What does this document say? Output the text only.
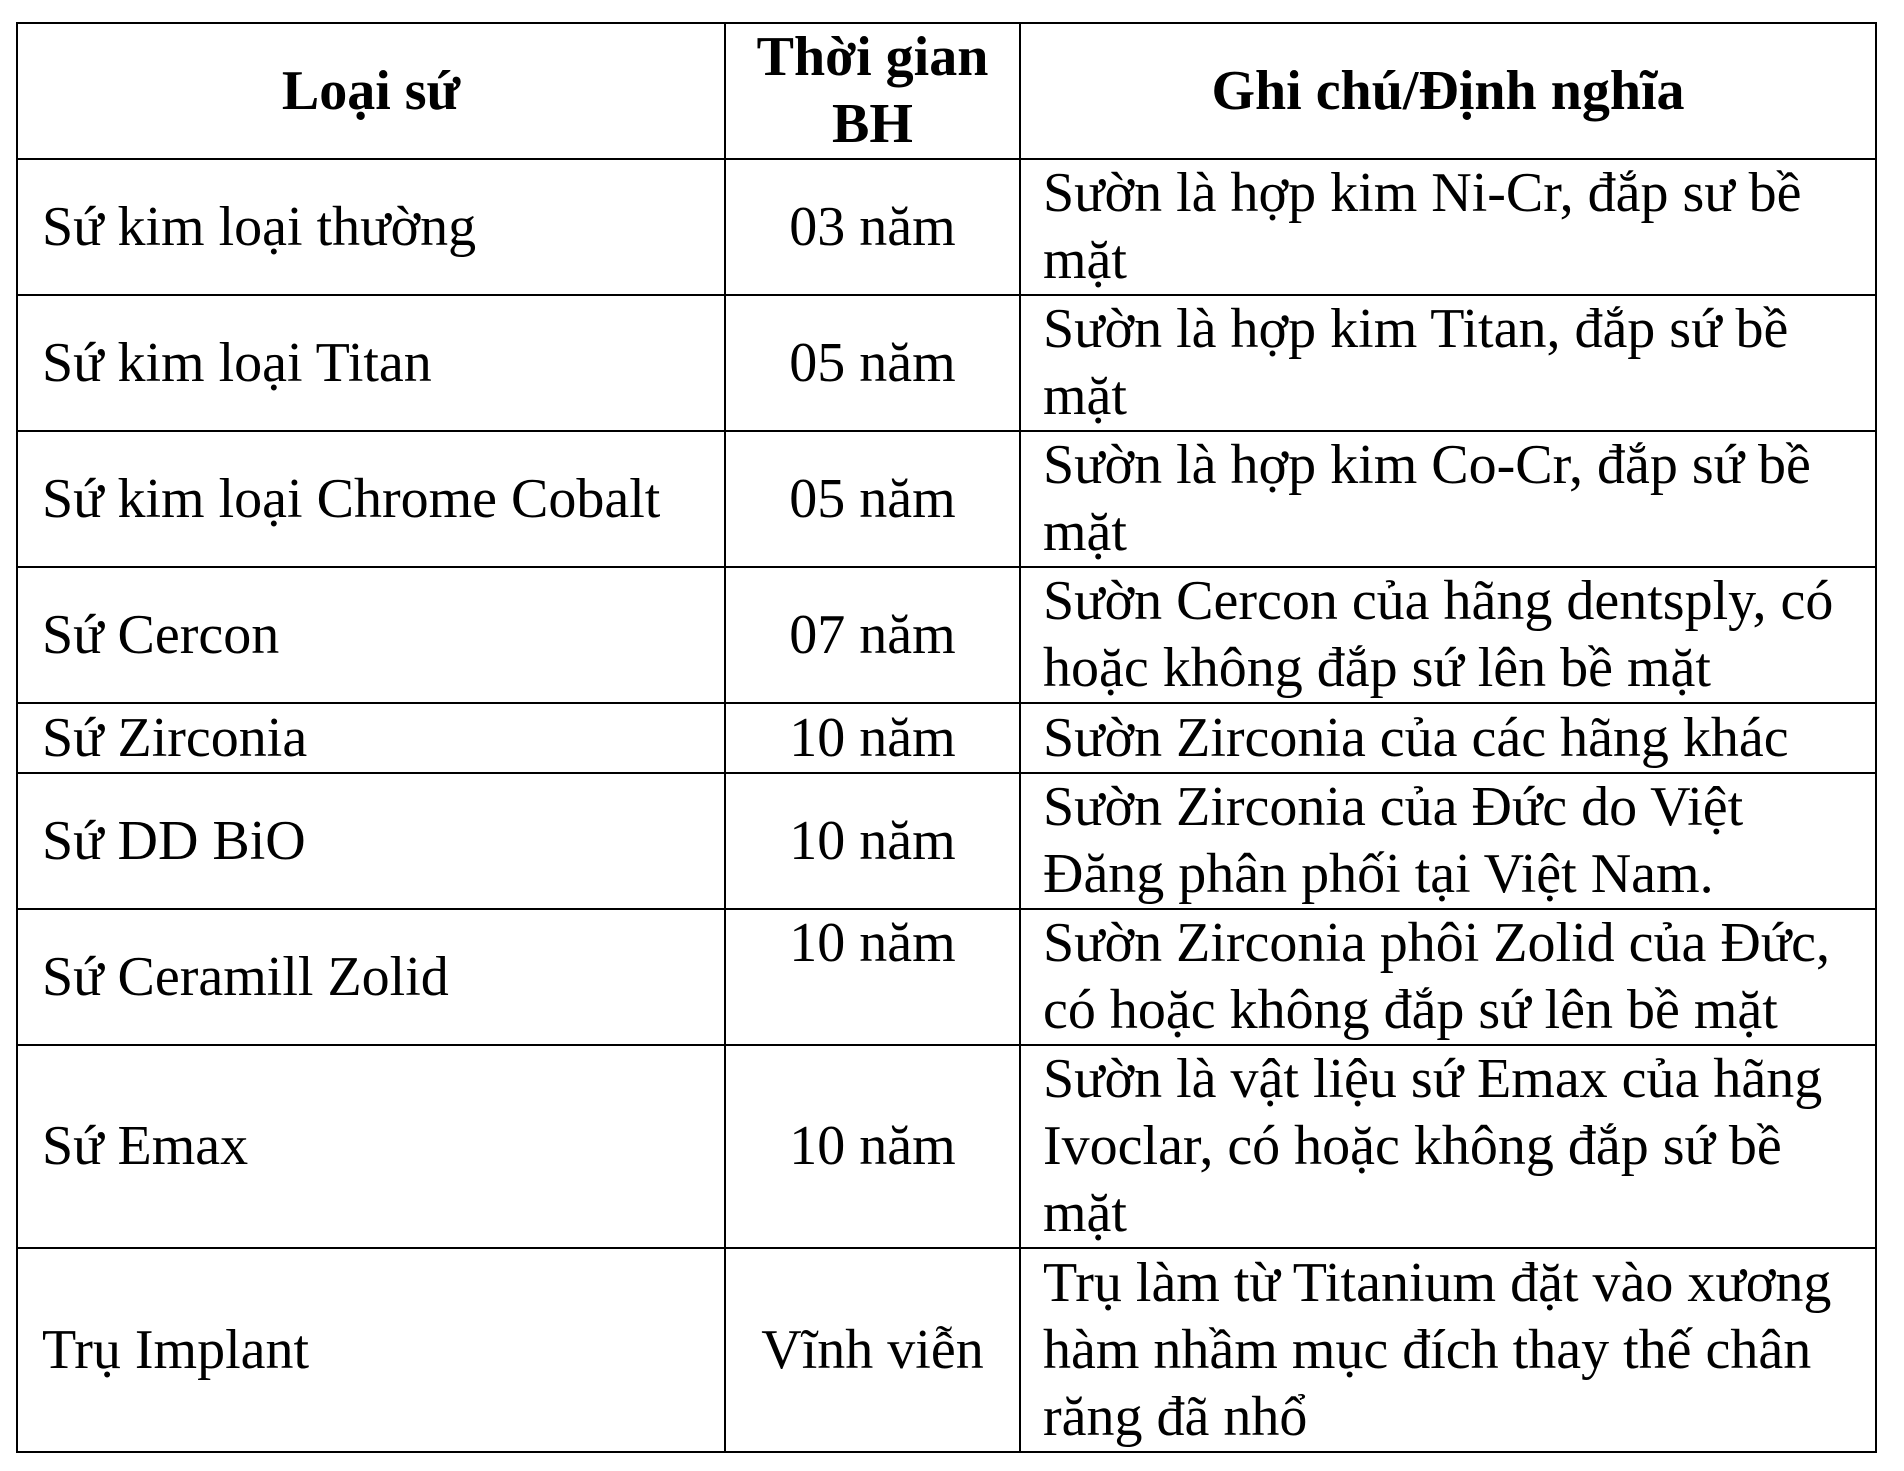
Loại sứ	Thời gian BH	Ghi chú/Định nghĩa
Sứ kim loại thường	03 năm	Sườn là hợp kim Ni-Cr, đắp sư bề mặt
Sứ kim loại Titan	05 năm	Sườn là hợp kim Titan, đắp sứ bề mặt
Sứ kim loại Chrome Cobalt	05 năm	Sườn là hợp kim Co-Cr, đắp sứ bề mặt
Sứ Cercon	07 năm	Sườn Cercon của hãng dentsply, có hoặc không đắp sứ lên bề mặt
Sứ Zirconia	10 năm	Sườn Zirconia của các hãng khác
Sứ DD BiO	10 năm	Sườn Zirconia của Đức do Việt Đăng phân phối tại Việt Nam.
Sứ Ceramill Zolid	10 năm	Sườn Zirconia phôi Zolid của Đức, có hoặc không đắp sứ lên bề mặt
Sứ Emax	10 năm	Sườn là vật liệu sứ Emax của hãng Ivoclar, có hoặc không đắp sứ bề mặt
Trụ Implant	Vĩnh viễn	Trụ làm từ Titanium đặt vào xương hàm nhầm mục đích thay thế chân răng đã nhổ
